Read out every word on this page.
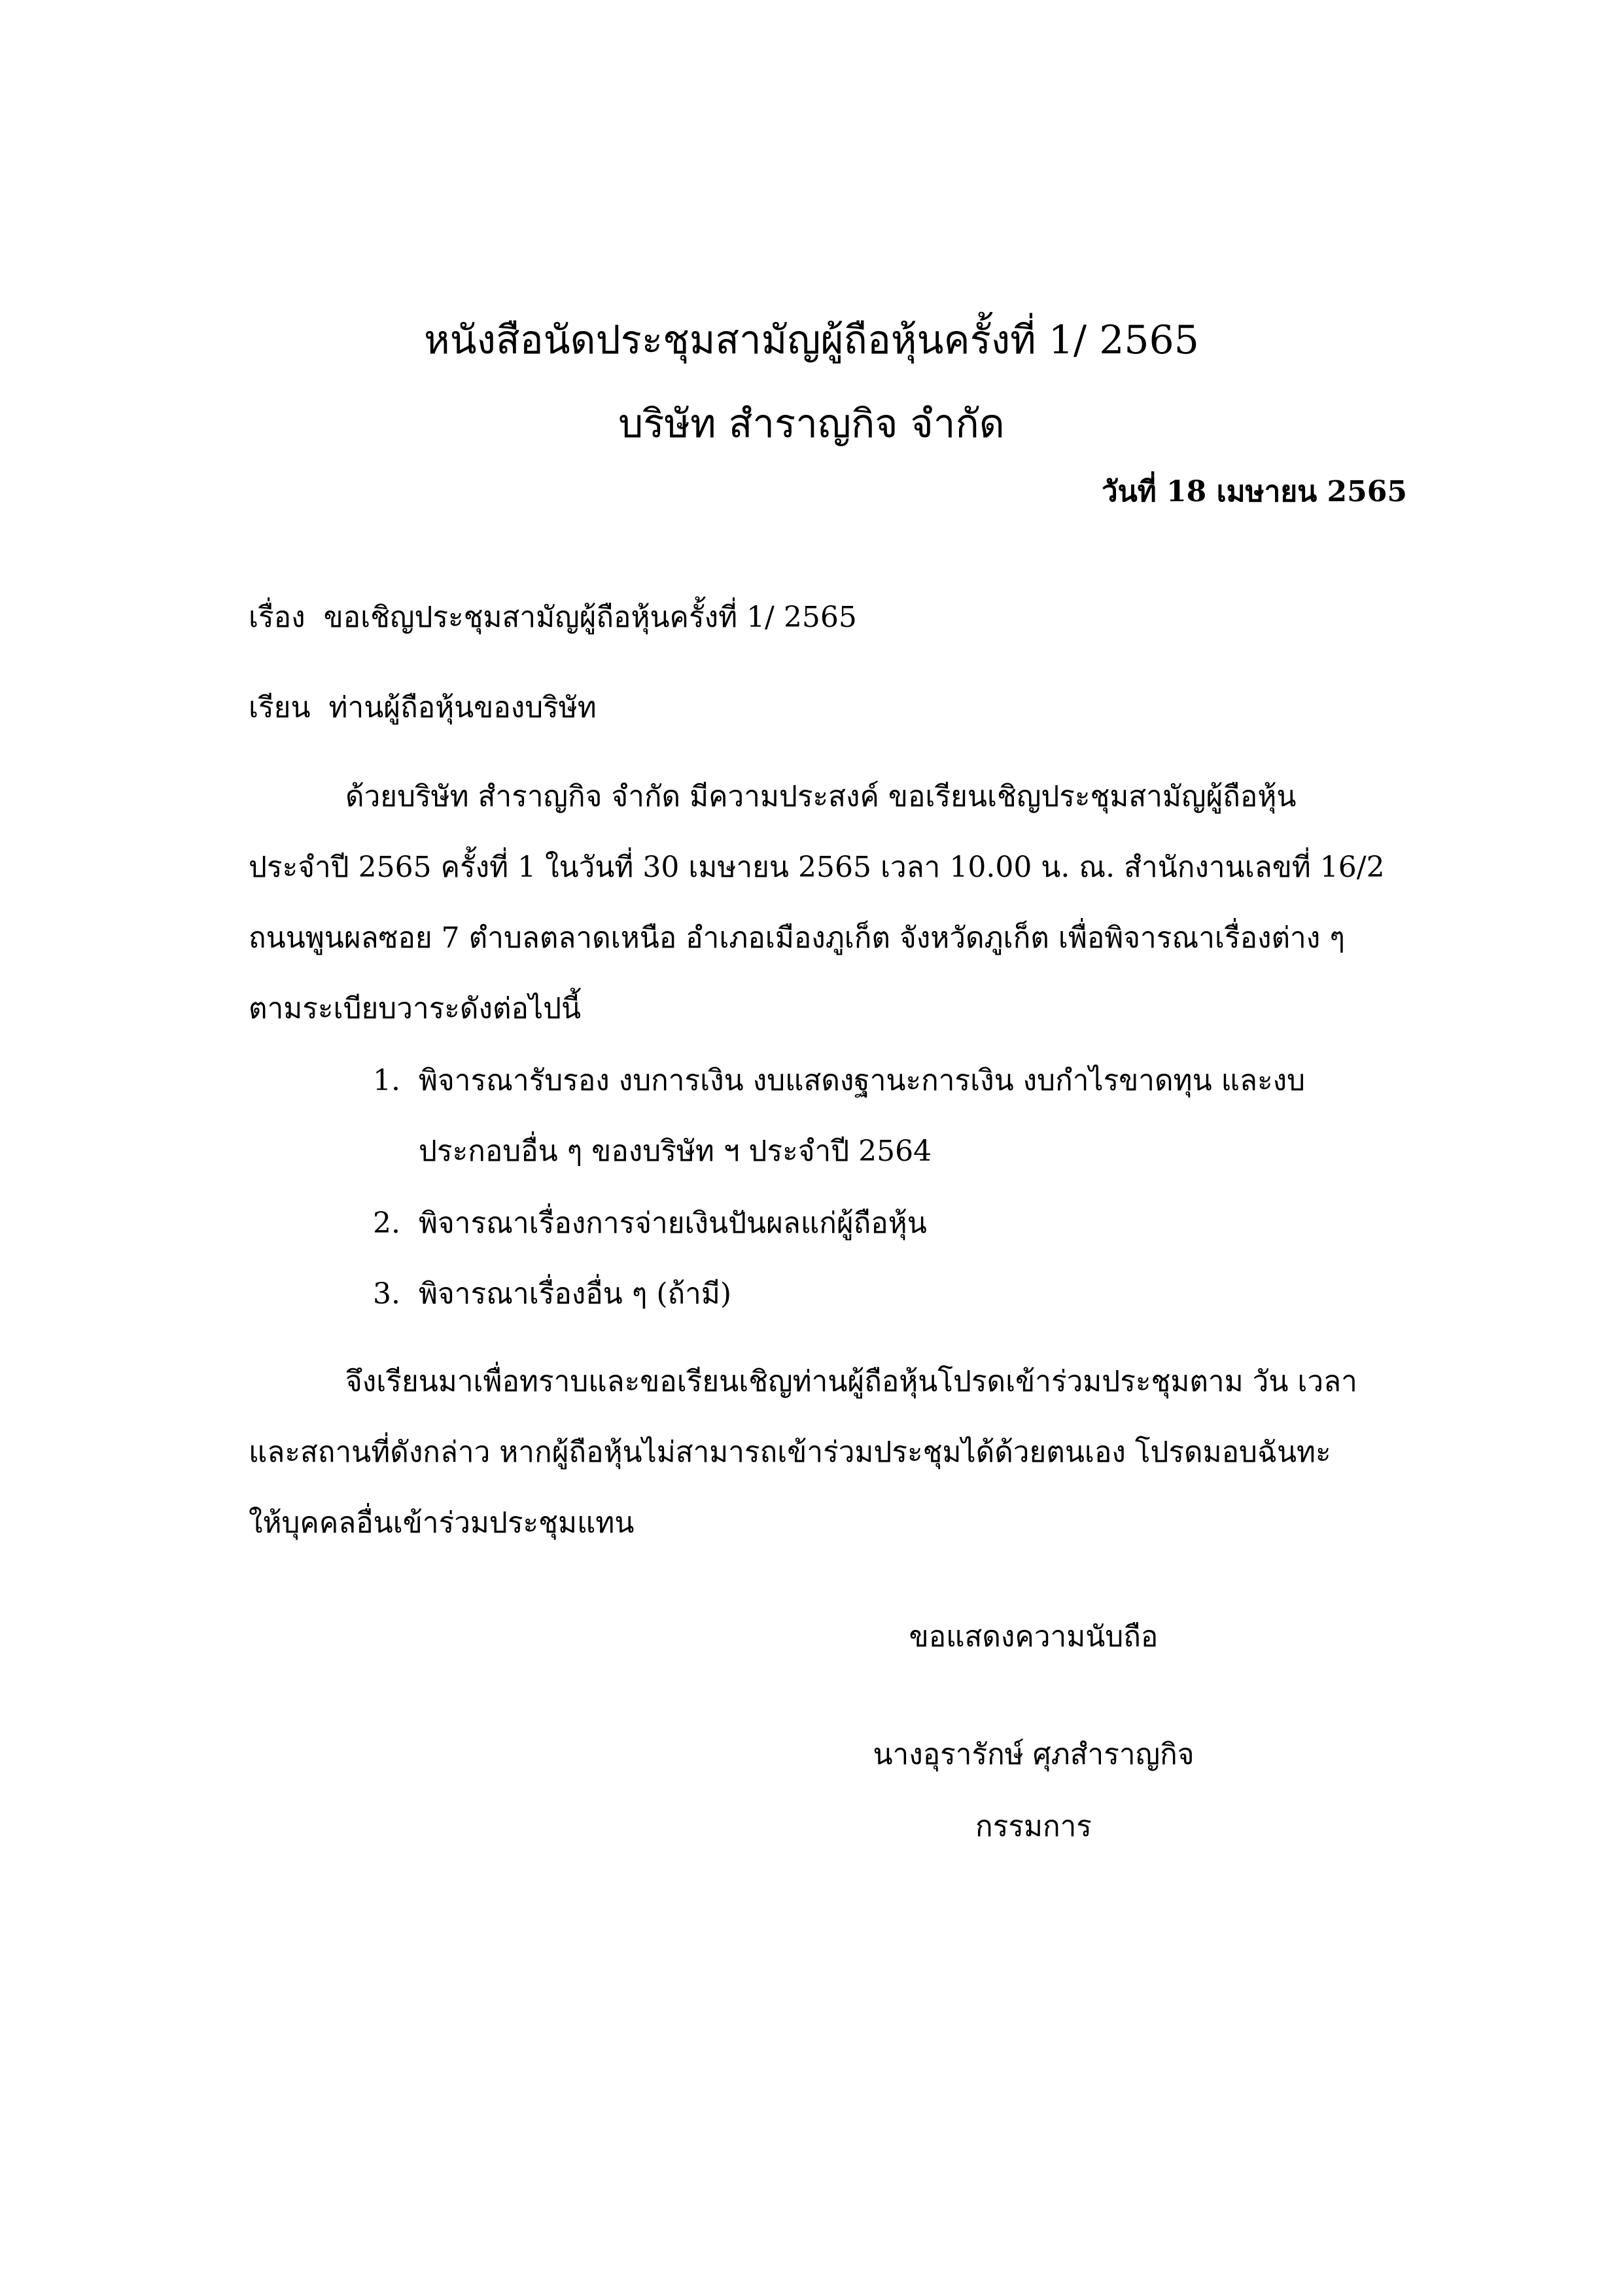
หนังสือนัดประชุมสามัญผู้ถือหุ้นครั้งที่ 1/ 2565
บริษัท สำราญกิจ จำกัด
วันที่ 18 เมษายน 2565
เรื่อง ขอเชิญประชุมสามัญผู้ถือหุ้นครั้งที่ 1/ 2565
เรียน ท่านผู้ถือหุ้นของบริษัท
ด้วยบริษัท สำราญกิจ จำกัด มีความประสงค์ ขอเรียนเชิญประชุมสามัญผู้ถือหุ้น
ประจำปี 2565 ครั้งที่ 1 ในวันที่ 30 เมษายน 2565 เวลา 10.00 น. ณ. สำนักงานเลขที่ 16/2
ถนนพูนผลซอย 7 ตำบลตลาดเหนือ อำเภอเมืองภูเก็ต จังหวัดภูเก็ต เพื่อพิจารณาเรื่องต่าง ๆ
ตามระเบียบวาระดังต่อไปนี้
1. พิจารณารับรอง งบการเงิน งบแสดงฐานะการเงิน งบกำไรขาดทุน และงบ
ประกอบอื่น ๆ ของบริษัท ฯ ประจำปี 2564
2. พิจารณาเรื่องการจ่ายเงินปันผลแก่ผู้ถือหุ้น
3. พิจารณาเรื่องอื่น ๆ (ถ้ามี)
จึงเรียนมาเพื่อทราบและขอเรียนเชิญท่านผู้ถือหุ้นโปรดเข้าร่วมประชุมตาม วัน เวลา
และสถานที่ดังกล่าว หากผู้ถือหุ้นไม่สามารถเข้าร่วมประชุมได้ด้วยตนเอง โปรดมอบฉันทะ
ให้บุคคลอื่นเข้าร่วมประชุมแทน
ขอแสดงความนับถือ
นางอุรารักษ์ ศุภสำราญกิจ
กรรมการ
